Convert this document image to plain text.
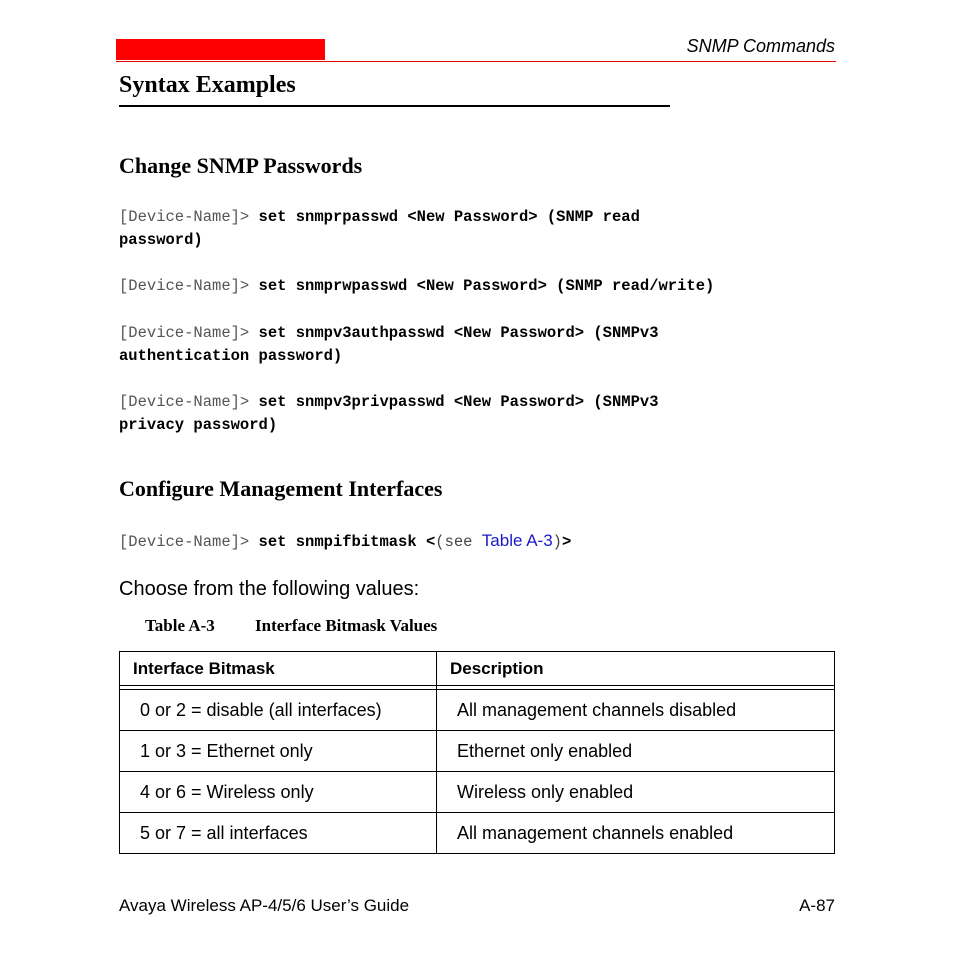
SNMP Commands
Syntax Examples
Change SNMP Passwords
[Device-Name]> set snmprpasswd <New Password> (SNMP read
password)
[Device-Name]> set snmprwpasswd <New Password> (SNMP read/write)
[Device-Name]> set snmpv3authpasswd <New Password> (SNMPv3
authentication password)
[Device-Name]> set snmpv3privpasswd <New Password> (SNMPv3
privacy password)
Configure Management Interfaces
[Device-Name]> set snmpifbitmask <(see Table A-3)>
Choose from the following values:
Table A-3 Interface Bitmask Values
Interface Bitmask	Description

0 or 2 = disable (all interfaces)	All management channels disabled
1 or 3 = Ethernet only	Ethernet only enabled
4 or 6 = Wireless only	Wireless only enabled
5 or 7 = all interfaces	All management channels enabled
Avaya Wireless AP-4/5/6 User’s Guide	A-87
